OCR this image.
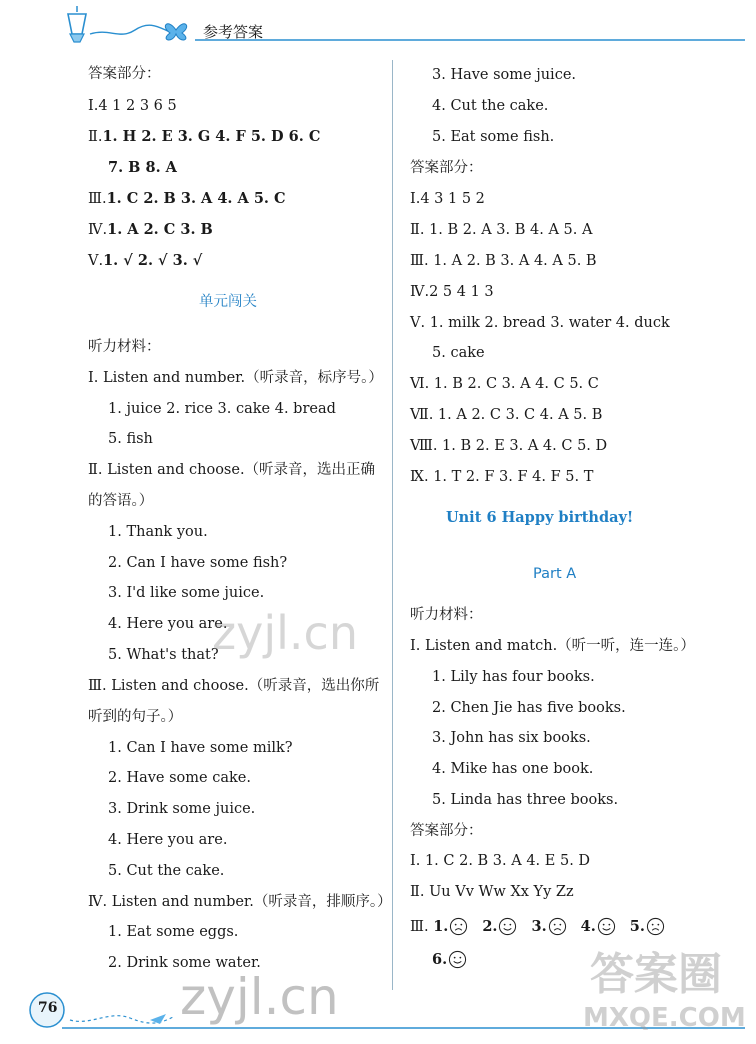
参考答案
答案部分：
Ⅰ.4 1 2 3 6 5
Ⅱ.1. H 2. E 3. G 4. F 5. D 6. C
7. B 8. A
Ⅲ.1. C 2. B 3. A 4. A 5. C
Ⅳ.1. A 2. C 3. B
Ⅴ.1. √ 2. √ 3. √
单元闯关
听力材料：
Ⅰ. Listen and number.（听录音，标序号。）
1. juice 2. rice 3. cake 4. bread
5. fish
Ⅱ. Listen and choose.（听录音，选出正确
的答语。）
1. Thank you.
2. Can I have some fish?
3. I'd like some juice.
4. Here you are.
5. What's that?
Ⅲ. Listen and choose.（听录音，选出你所
听到的句子。）
1. Can I have some milk?
2. Have some cake.
3. Drink some juice.
4. Here you are.
5. Cut the cake.
Ⅳ. Listen and number.（听录音，排顺序。）
1. Eat some eggs.
2. Drink some water.
3. Have some juice.
4. Cut the cake.
5. Eat some fish.
答案部分：
Ⅰ.4 3 1 5 2
Ⅱ. 1. B 2. A 3. B 4. A 5. A
Ⅲ. 1. A 2. B 3. A 4. A 5. B
Ⅳ.2 5 4 1 3
Ⅴ. 1. milk 2. bread 3. water 4. duck
5. cake
Ⅵ. 1. B 2. C 3. A 4. C 5. C
Ⅶ. 1. A 2. C 3. C 4. A 5. B
Ⅷ. 1. B 2. E 3. A 4. C 5. D
Ⅸ. 1. T 2. F 3. F 4. F 5. T
Unit 6 Happy birthday!
Part A
听力材料：
Ⅰ. Listen and match.（听一听，连一连。）
1. Lily has four books.
2. Chen Jie has five books.
3. John has six books.
4. Mike has one book.
5. Linda has three books.
答案部分：
Ⅰ. 1. C 2. B 3. A 4. E 5. D
Ⅱ. Uu Vv Ww Xx Yy Zz
Ⅲ. 1. 2. 3. 4. 5.
6.
76
zyjl.cn
zyjl.cn	答案圈
MXQE.COM
